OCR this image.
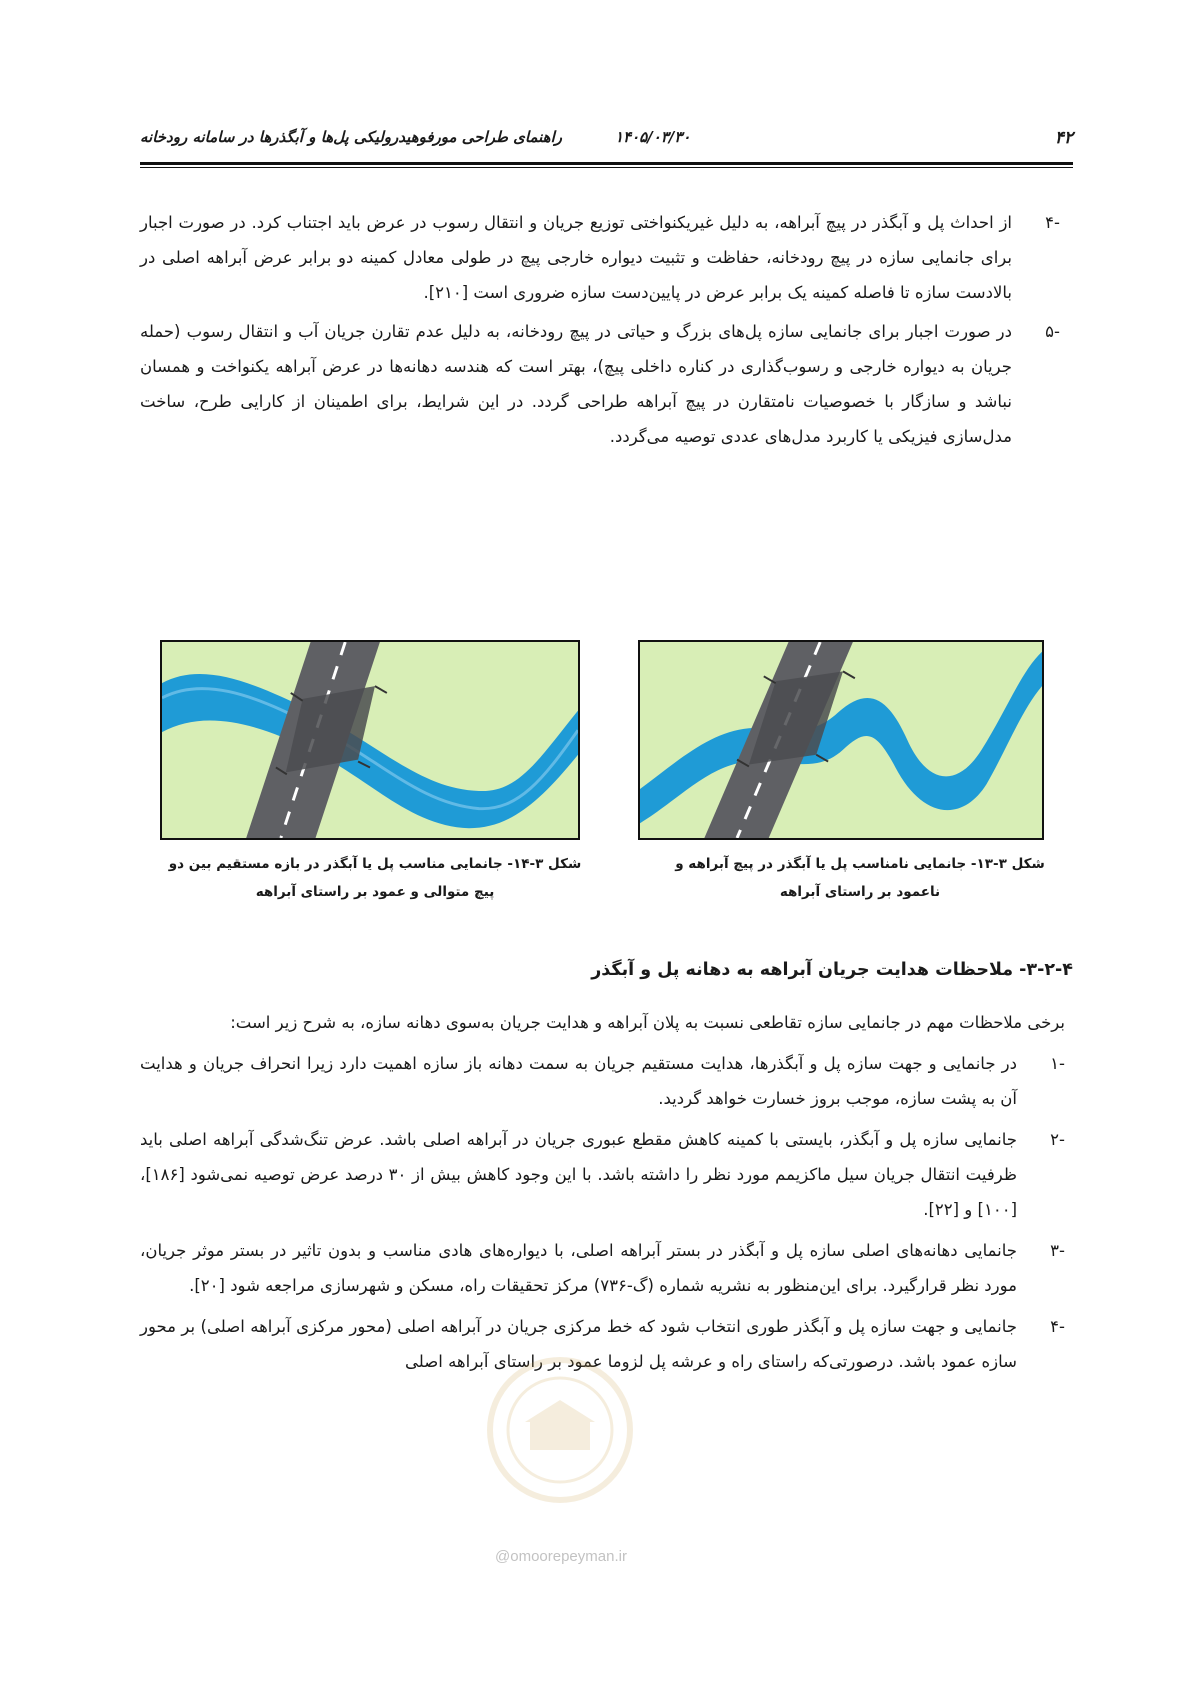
۴۲
راهنمای طراحی مورفوهیدرولیکی پل‌ها و آبگذرها در سامانه رودخانه	۱۴۰۵/۰۳/۳۰

-۴
از احداث پل و آبگذر در پیچ آبراهه، به دلیل غیریکنواختی توزیع جریان و انتقال رسوب در عرض باید اجتناب کرد. در صورت اجبار برای جانمایی سازه در پیچ رودخانه، حفاظت و تثبیت دیواره خارجی پیچ در طولی معادل کمینه دو برابر عرض آبراهه اصلی در بالادست سازه تا فاصله کمینه یک برابر عرض در پایین‌دست سازه ضروری است [۲۱۰].

-۵
در صورت اجبار برای جانمایی سازه پل‌های بزرگ و حیاتی در پیچ رودخانه، به دلیل عدم تقارن جریان آب و انتقال رسوب (حمله جریان به دیواره خارجی و رسوب‌گذاری در کناره داخلی پیچ)، بهتر است که هندسه دهانه‌ها در عرض آبراهه یکنواخت و همسان نباشد و سازگار با خصوصیات نامتقارن در پیچ آبراهه طراحی گردد. در این شرایط، برای اطمینان از کارایی طرح، ساخت مدل‌سازی فیزیکی یا کاربرد مدل‌های عددی توصیه می‌گردد.

شکل ۳-۱۴- جانمایی مناسب پل یا آبگذر در بازه مستقیم بین دو
پیچ متوالی و عمود بر راستای آبراهه
شکل ۳-۱۳- جانمایی نامناسب پل یا آبگذر در پیچ آبراهه و
ناعمود بر راستای آبراهه
۳-۲-۴- ملاحظات هدایت جریان آبراهه به دهانه پل و آبگذر

برخی ملاحظات مهم در جانمایی سازه تقاطعی نسبت به پلان آبراهه و هدایت جریان به‌سوی دهانه سازه، به شرح زیر است:

-۱
در جانمایی و جهت سازه پل و آبگذرها، هدایت مستقیم جریان به سمت دهانه باز سازه اهمیت دارد زیرا انحراف جریان و هدایت آن به پشت سازه، موجب بروز خسارت خواهد گردید.

-۲
جانمایی سازه پل و آبگذر، بایستی با کمینه کاهش مقطع عبوری جریان در آبراهه اصلی باشد. عرض تنگ‌شدگی آبراهه اصلی باید ظرفیت انتقال جریان سیل ماکزیمم مورد نظر را داشته باشد. با این وجود کاهش بیش از ۳۰ درصد عرض توصیه نمی‌شود [۱۸۶]، [۱۰۰] و [۲۲].

-۳
جانمایی دهانه‌های اصلی سازه پل و آبگذر در بستر آبراهه اصلی، با دیواره‌های هادی مناسب و بدون تاثیر در بستر موثر جریان، مورد نظر قرارگیرد. برای این‌منظور به نشریه شماره (گ-۷۳۶) مرکز تحقیقات راه، مسکن و شهرسازی مراجعه شود [۲۰].

-۴
جانمایی و جهت سازه پل و آبگذر طوری انتخاب شود که خط مرکزی جریان در آبراهه اصلی (محور مرکزی آبراهه اصلی) بر محور سازه عمود باشد. درصورتی‌که راستای راه و عرشه پل لزوما عمود بر راستای آبراهه اصلی

@omoorepeyman.ir
